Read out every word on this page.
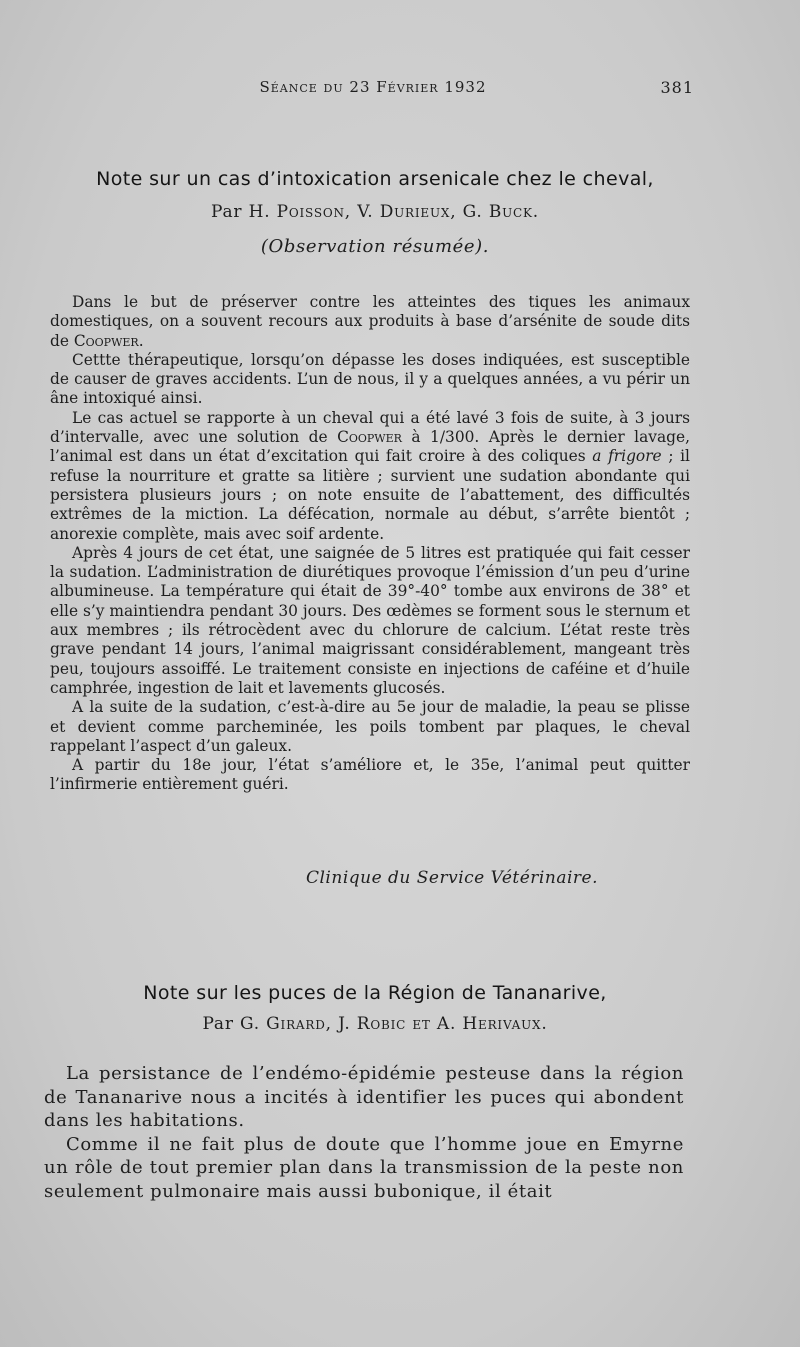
Séance du 23 Février 1932	381
Note sur un cas d’intoxication arsenicale chez le cheval,
Par H. Poisson, V. Durieux, G. Buck.
(Observation résumée).

Dans le but de préserver contre les atteintes des tiques les animaux domestiques, on a souvent recours aux produits à base d’arsénite de soude dits de Coopwer.

Cettte thérapeutique, lorsqu’on dépasse les doses indiquées, est susceptible de causer de graves accidents. L’un de nous, il y a quelques années, a vu périr un âne intoxiqué ainsi.

Le cas actuel se rapporte à un cheval qui a été lavé 3 fois de suite, à 3 jours d’intervalle, avec une solution de Coopwer à 1/300. Après le dernier lavage, l’animal est dans un état d’excitation qui fait croire à des coliques a frigore ; il refuse la nourriture et gratte sa litière ; survient une sudation abondante qui persistera plusieurs jours ; on note ensuite de l’abattement, des difficultés extrêmes de la miction. La défécation, normale au début, s’arrête bientôt ; anorexie complète, mais avec soif ardente.

Après 4 jours de cet état, une saignée de 5 litres est pratiquée qui fait cesser la sudation. L’administration de diurétiques provoque l’émission d’un peu d’urine albumineuse. La température qui était de 39°-40° tombe aux environs de 38° et elle s’y maintiendra pendant 30 jours. Des œdèmes se forment sous le sternum et aux membres ; ils rétrocèdent avec du chlorure de calcium. L’état reste très grave pendant 14 jours, l’animal maigrissant considérablement, mangeant très peu, toujours assoiffé. Le traitement consiste en injections de caféine et d’huile camphrée, ingestion de lait et lavements glucosés.

A la suite de la sudation, c’est-à-dire au 5e jour de maladie, la peau se plisse et devient comme parcheminée, les poils tombent par plaques, le cheval rappelant l’aspect d’un galeux.

A partir du 18e jour, l’état s’améliore et, le 35e, l’animal peut quitter l’infirmerie entièrement guéri.

Clinique du Service Vétérinaire.
Note sur les puces de la Région de Tananarive,
Par G. Girard, J. Robic et A. Herivaux.

La persistance de l’endémo-épidémie pesteuse dans la région de Tananarive nous a incités à identifier les puces qui abondent dans les habitations.

Comme il ne fait plus de doute que l’homme joue en Emyrne un rôle de tout premier plan dans la transmission de la peste non seulement pulmonaire mais aussi bubonique, il était
